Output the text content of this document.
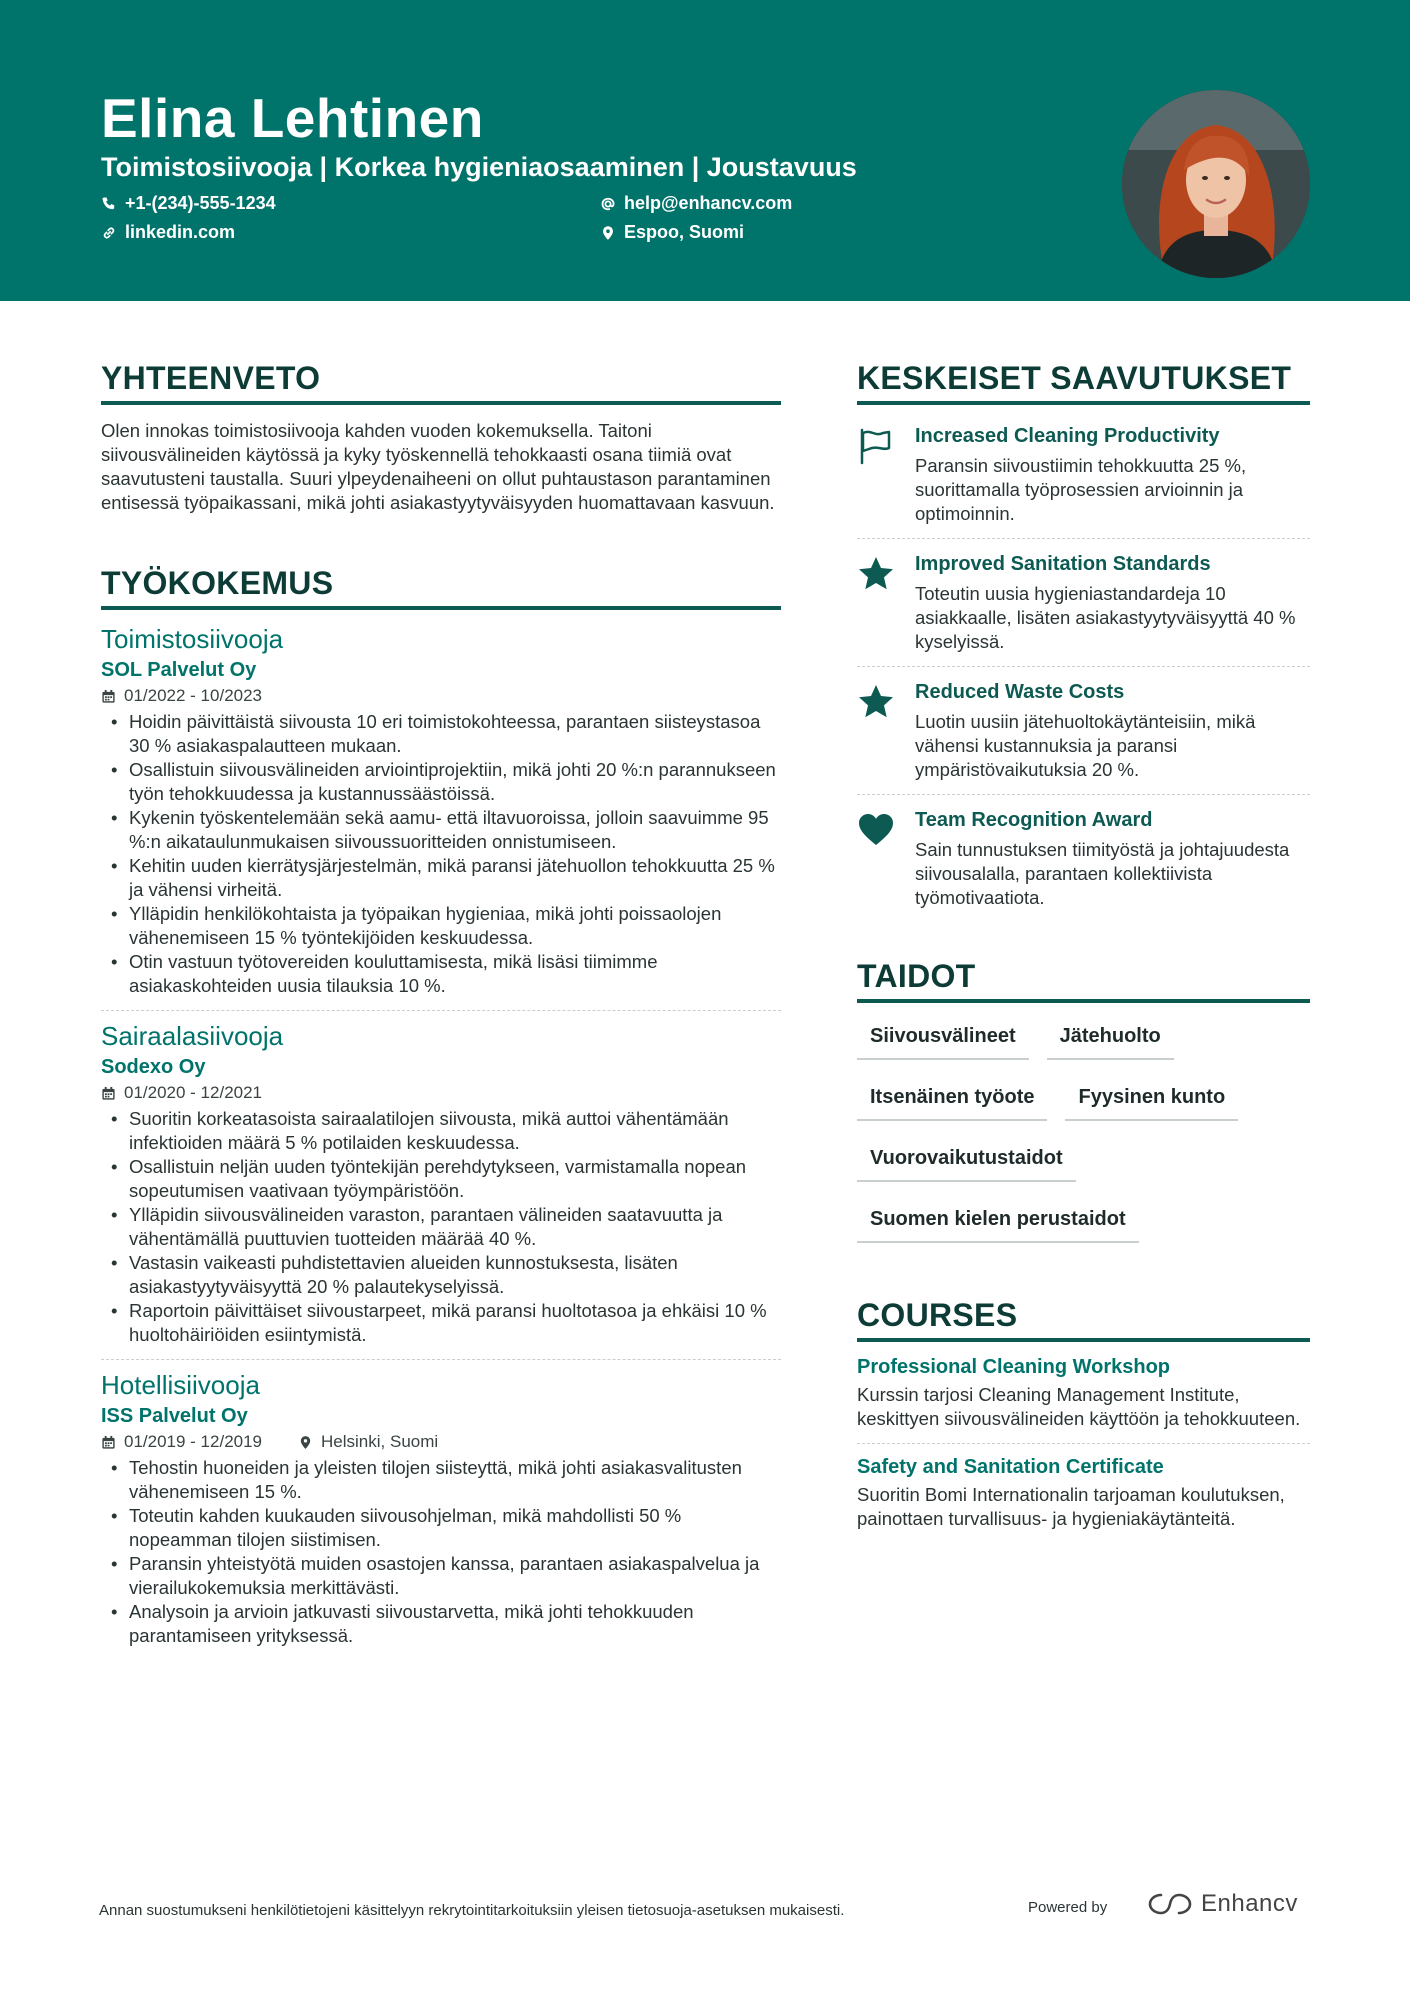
Elina Lehtinen
Toimistosiivooja | Korkea hygieniaosaaminen | Joustavuus
+1-(234)-555-1234	help@enhancv.com
linkedin.com	Espoo, Suomi
YHTEENVETO

Olen innokas toimistosiivooja kahden vuoden kokemuksella. Taitoni siivousvälineiden käytössä ja kyky työskennellä tehokkaasti osana tiimiä ovat saavutusteni taustalla. Suuri ylpeydenaiheeni on ollut puhtaustason parantaminen entisessä työpaikassani, mikä johti asiakastyytyväisyyden huomattavaan kasvuun.

TYÖKOKEMUS
Toimistosiivooja
SOL Palvelut Oy
01/2022 - 10/2023
• Hoidin päivittäistä siivousta 10 eri toimistokohteessa, parantaen siisteystasoa 30 % asiakaspalautteen mukaan.
• Osallistuin siivousvälineiden arviointiprojektiin, mikä johti 20 %:n parannukseen työn tehokkuudessa ja kustannussäästöissä.
• Kykenin työskentelemään sekä aamu- että iltavuoroissa, jolloin saavuimme 95 %:n aikataulunmukaisen siivoussuoritteiden onnistumiseen.
• Kehitin uuden kierrätysjärjestelmän, mikä paransi jätehuollon tehokkuutta 25 % ja vähensi virheitä.
• Ylläpidin henkilökohtaista ja työpaikan hygieniaa, mikä johti poissaolojen vähenemiseen 15 % työntekijöiden keskuudessa.
• Otin vastuun työtovereiden kouluttamisesta, mikä lisäsi tiimimme asiakaskohteiden uusia tilauksia 10 %.
Sairaalasiivooja
Sodexo Oy
01/2020 - 12/2021
• Suoritin korkeatasoista sairaalatilojen siivousta, mikä auttoi vähentämään infektioiden määrä 5 % potilaiden keskuudessa.
• Osallistuin neljän uuden työntekijän perehdytykseen, varmistamalla nopean sopeutumisen vaativaan työympäristöön.
• Ylläpidin siivousvälineiden varaston, parantaen välineiden saatavuutta ja vähentämällä puuttuvien tuotteiden määrää 40 %.
• Vastasin vaikeasti puhdistettavien alueiden kunnostuksesta, lisäten asiakastyytyväisyyttä 20 % palautekyselyissä.
• Raportoin päivittäiset siivoustarpeet, mikä paransi huoltotasoa ja ehkäisi 10 % huoltohäiriöiden esiintymistä.
Hotellisiivooja
ISS Palvelut Oy
01/2019 - 12/2019	Helsinki, Suomi
• Tehostin huoneiden ja yleisten tilojen siisteyttä, mikä johti asiakasvalitusten vähenemiseen 15 %.
• Toteutin kahden kuukauden siivousohjelman, mikä mahdollisti 50 % nopeamman tilojen siistimisen.
• Paransin yhteistyötä muiden osastojen kanssa, parantaen asiakaspalvelua ja vierailukokemuksia merkittävästi.
• Analysoin ja arvioin jatkuvasti siivoustarvetta, mikä johti tehokkuuden parantamiseen yrityksessä.
KESKEISET SAAVUTUKSET
Increased Cleaning Productivity
Paransin siivoustiimin tehokkuutta 25 %, suorittamalla työprosessien arvioinnin ja optimoinnin.
Improved Sanitation Standards
Toteutin uusia hygieniastandardeja 10 asiakkaalle, lisäten asiakastyytyväisyyttä 40 % kyselyissä.
Reduced Waste Costs
Luotin uusiin jätehuoltokäytänteisiin, mikä vähensi kustannuksia ja paransi ympäristövaikutuksia 20 %.
Team Recognition Award
Sain tunnustuksen tiimityöstä ja johtajuudesta siivousalalla, parantaen kollektiivista työmotivaatiota.
TAIDOT
Siivousvälineet	Jätehuolto
Itsenäinen työote	Fyysinen kunto
Vuorovaikutustaidot
Suomen kielen perustaidot
COURSES
Professional Cleaning Workshop
Kurssin tarjosi Cleaning Management Institute, keskittyen siivousvälineiden käyttöön ja tehokkuuteen.
Safety and Sanitation Certificate
Suoritin Bomi Internationalin tarjoaman koulutuksen, painottaen turvallisuus- ja hygieniakäytänteitä.
Annan suostumukseni henkilötietojeni käsittelyyn rekrytointitarkoituksiin yleisen tietosuoja-asetuksen mukaisesti.	Powered by	Enhancv
